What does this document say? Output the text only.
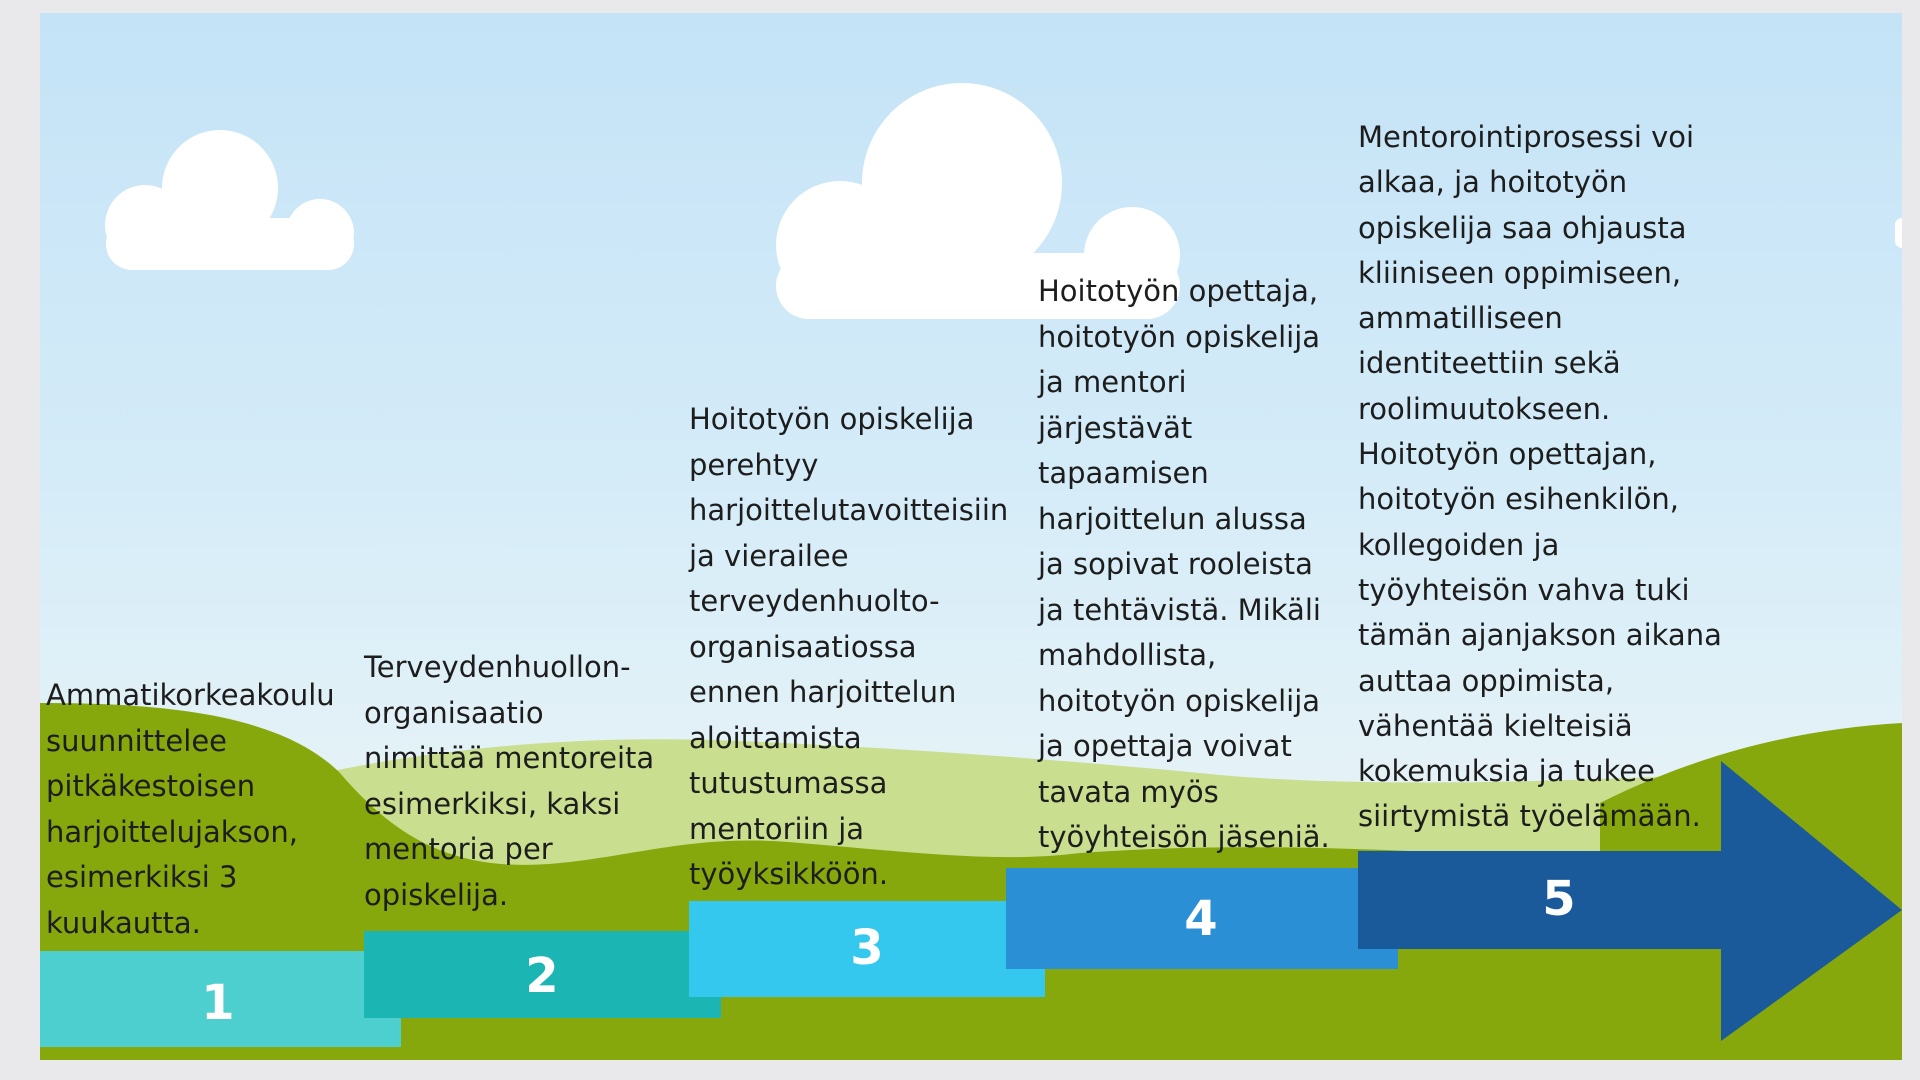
Ammatikorkeakoulu
suunnittelee
pitkäkestoisen
harjoittelujakson,
esimerkiksi 3
kuukautta.

Terveydenhuollon-
organisaatio
nimittää mentoreita
esimerkiksi, kaksi
mentoria per
opiskelija.

Hoitotyön opiskelija
perehtyy
harjoittelutavoitteisiin
ja vierailee
terveydenhuolto-
organisaatiossa
ennen harjoittelun
aloittamista
tutustumassa
mentoriin ja
työyksikköön.

Hoitotyön opettaja,
hoitotyön opiskelija
ja mentori
järjestävät
tapaamisen
harjoittelun alussa
ja sopivat rooleista
ja tehtävistä. Mikäli
mahdollista,
hoitotyön opiskelija
ja opettaja voivat
tavata myös
työyhteisön jäseniä.

Mentorointiprosessi voi
alkaa, ja hoitotyön
opiskelija saa ohjausta
kliiniseen oppimiseen,
ammatilliseen
identiteettiin sekä
roolimuutokseen.
Hoitotyön opettajan,
hoitotyön esihenkilön,
kollegoiden ja
työyhteisön vahva tuki
tämän ajanjakson aikana
auttaa oppimista,
vähentää kielteisiä
kokemuksia ja tukee
siirtymistä työelämään.

1	2	3
4	5
